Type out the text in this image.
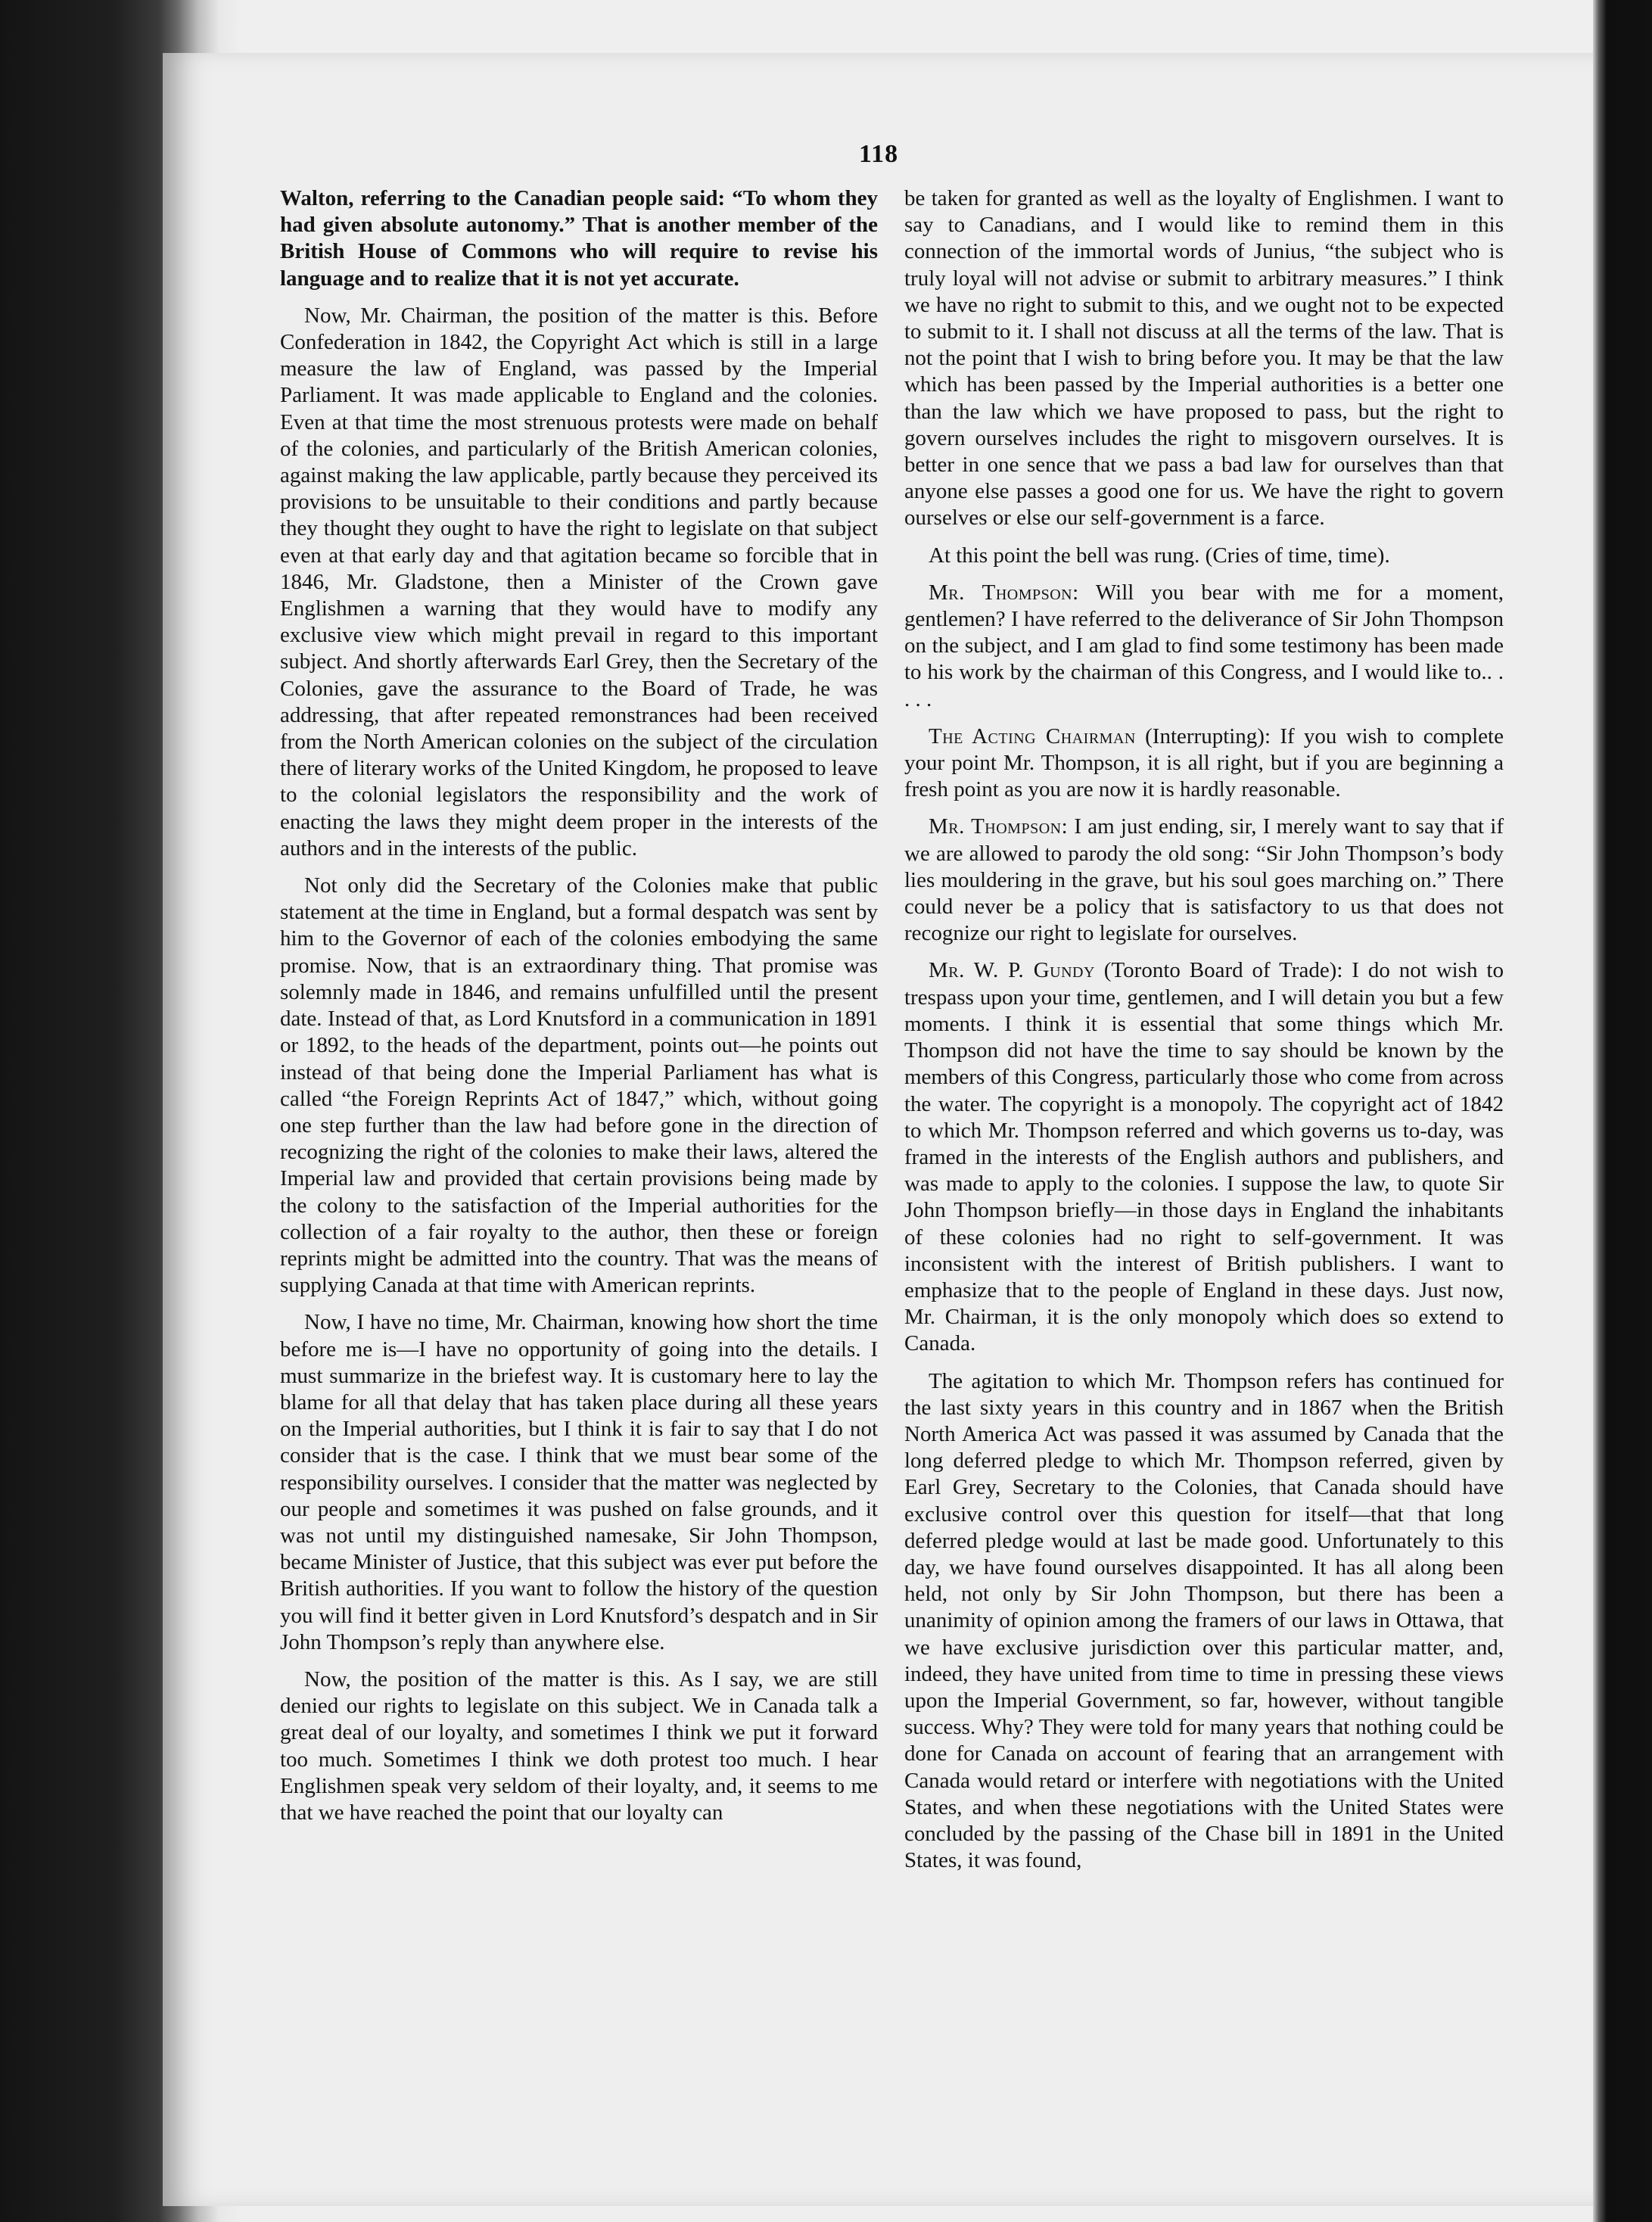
118

Walton, referring to the Canadian people said: “To whom they had given absolute autonomy.” That is another member of the British House of Commons who will require to revise his language and to realize that it is not yet accurate.

Now, Mr. Chairman, the position of the matter is this. Before Confederation in 1842, the Copyright Act which is still in a large measure the law of England, was passed by the Imperial Parliament. It was made applicable to England and the colonies. Even at that time the most strenuous protests were made on behalf of the colonies, and particularly of the British American colonies, against making the law applicable, partly because they perceived its provisions to be unsuitable to their conditions and partly because they thought they ought to have the right to legislate on that subject even at that early day and that agitation became so forcible that in 1846, Mr. Gladstone, then a Minister of the Crown gave Englishmen a warning that they would have to modify any exclusive view which might prevail in regard to this important subject. And shortly afterwards Earl Grey, then the Secretary of the Colonies, gave the assurance to the Board of Trade, he was addressing, that after repeated remonstrances had been received from the North American colonies on the subject of the circulation there of literary works of the United Kingdom, he proposed to leave to the colonial legislators the responsibility and the work of enacting the laws they might deem proper in the interests of the authors and in the interests of the public.

Not only did the Secretary of the Colonies make that public statement at the time in England, but a formal despatch was sent by him to the Governor of each of the colonies embodying the same promise. Now, that is an extraordinary thing. That promise was solemnly made in 1846, and remains unfulfilled until the present date. Instead of that, as Lord Knutsford in a communication in 1891 or 1892, to the heads of the department, points out—he points out instead of that being done the Imperial Parliament has what is called “the Foreign Reprints Act of 1847,” which, without going one step further than the law had before gone in the direction of recognizing the right of the colonies to make their laws, altered the Imperial law and provided that certain provisions being made by the colony to the satisfaction of the Imperial authorities for the collection of a fair royalty to the author, then these or foreign reprints might be admitted into the country. That was the means of supplying Canada at that time with American reprints.

Now, I have no time, Mr. Chairman, knowing how short the time before me is—I have no opportunity of going into the details. I must summarize in the briefest way. It is customary here to lay the blame for all that delay that has taken place during all these years on the Imperial authorities, but I think it is fair to say that I do not consider that is the case. I think that we must bear some of the responsibility ourselves. I consider that the matter was neglected by our people and sometimes it was pushed on false grounds, and it was not until my distinguished namesake, Sir John Thompson, became Minister of Justice, that this subject was ever put before the British authorities. If you want to follow the history of the question you will find it better given in Lord Knutsford’s despatch and in Sir John Thompson’s reply than anywhere else.

Now, the position of the matter is this. As I say, we are still denied our rights to legislate on this subject. We in Canada talk a great deal of our loyalty, and sometimes I think we put it forward too much. Sometimes I think we doth protest too much. I hear Englishmen speak very seldom of their loyalty, and, it seems to me that we have reached the point that our loyalty can

be taken for granted as well as the loyalty of Englishmen. I want to say to Canadians, and I would like to remind them in this connection of the immortal words of Junius, “the subject who is truly loyal will not advise or submit to arbitrary measures.” I think we have no right to submit to this, and we ought not to be expected to submit to it. I shall not discuss at all the terms of the law. That is not the point that I wish to bring before you. It may be that the law which has been passed by the Imperial authorities is a better one than the law which we have proposed to pass, but the right to govern ourselves includes the right to misgovern ourselves. It is better in one sence that we pass a bad law for ourselves than that anyone else passes a good one for us. We have the right to govern ourselves or else our self-government is a farce.

At this point the bell was rung. (Cries of time, time).

Mr. Thompson: Will you bear with me for a moment, gentlemen? I have referred to the deliverance of Sir John Thompson on the subject, and I am glad to find some testimony has been made to his work by the chairman of this Congress, and I would like to.. . . . .

The Acting Chairman (Interrupting): If you wish to complete your point Mr. Thompson, it is all right, but if you are beginning a fresh point as you are now it is hardly reasonable.

Mr. Thompson: I am just ending, sir, I merely want to say that if we are allowed to parody the old song: “Sir John Thompson’s body lies mouldering in the grave, but his soul goes marching on.” There could never be a policy that is satisfactory to us that does not recognize our right to legislate for ourselves.

Mr. W. P. Gundy (Toronto Board of Trade): I do not wish to trespass upon your time, gentlemen, and I will detain you but a few moments. I think it is essential that some things which Mr. Thompson did not have the time to say should be known by the members of this Congress, particularly those who come from across the water. The copyright is a monopoly. The copyright act of 1842 to which Mr. Thompson referred and which governs us to-day, was framed in the interests of the English authors and publishers, and was made to apply to the colonies. I suppose the law, to quote Sir John Thompson briefly—in those days in England the inhabitants of these colonies had no right to self-government. It was inconsistent with the interest of British publishers. I want to emphasize that to the people of England in these days. Just now, Mr. Chairman, it is the only monopoly which does so extend to Canada.

The agitation to which Mr. Thompson refers has continued for the last sixty years in this country and in 1867 when the British North America Act was passed it was assumed by Canada that the long deferred pledge to which Mr. Thompson referred, given by Earl Grey, Secretary to the Colonies, that Canada should have exclusive control over this question for itself—that that long deferred pledge would at last be made good. Unfortunately to this day, we have found ourselves disappointed. It has all along been held, not only by Sir John Thompson, but there has been a unanimity of opinion among the framers of our laws in Ottawa, that we have exclusive jurisdiction over this particular matter, and, indeed, they have united from time to time in pressing these views upon the Imperial Government, so far, however, without tangible success. Why? They were told for many years that nothing could be done for Canada on account of fearing that an arrangement with Canada would retard or interfere with negotiations with the United States, and when these negotiations with the United States were concluded by the passing of the Chase bill in 1891 in the United States, it was found,
